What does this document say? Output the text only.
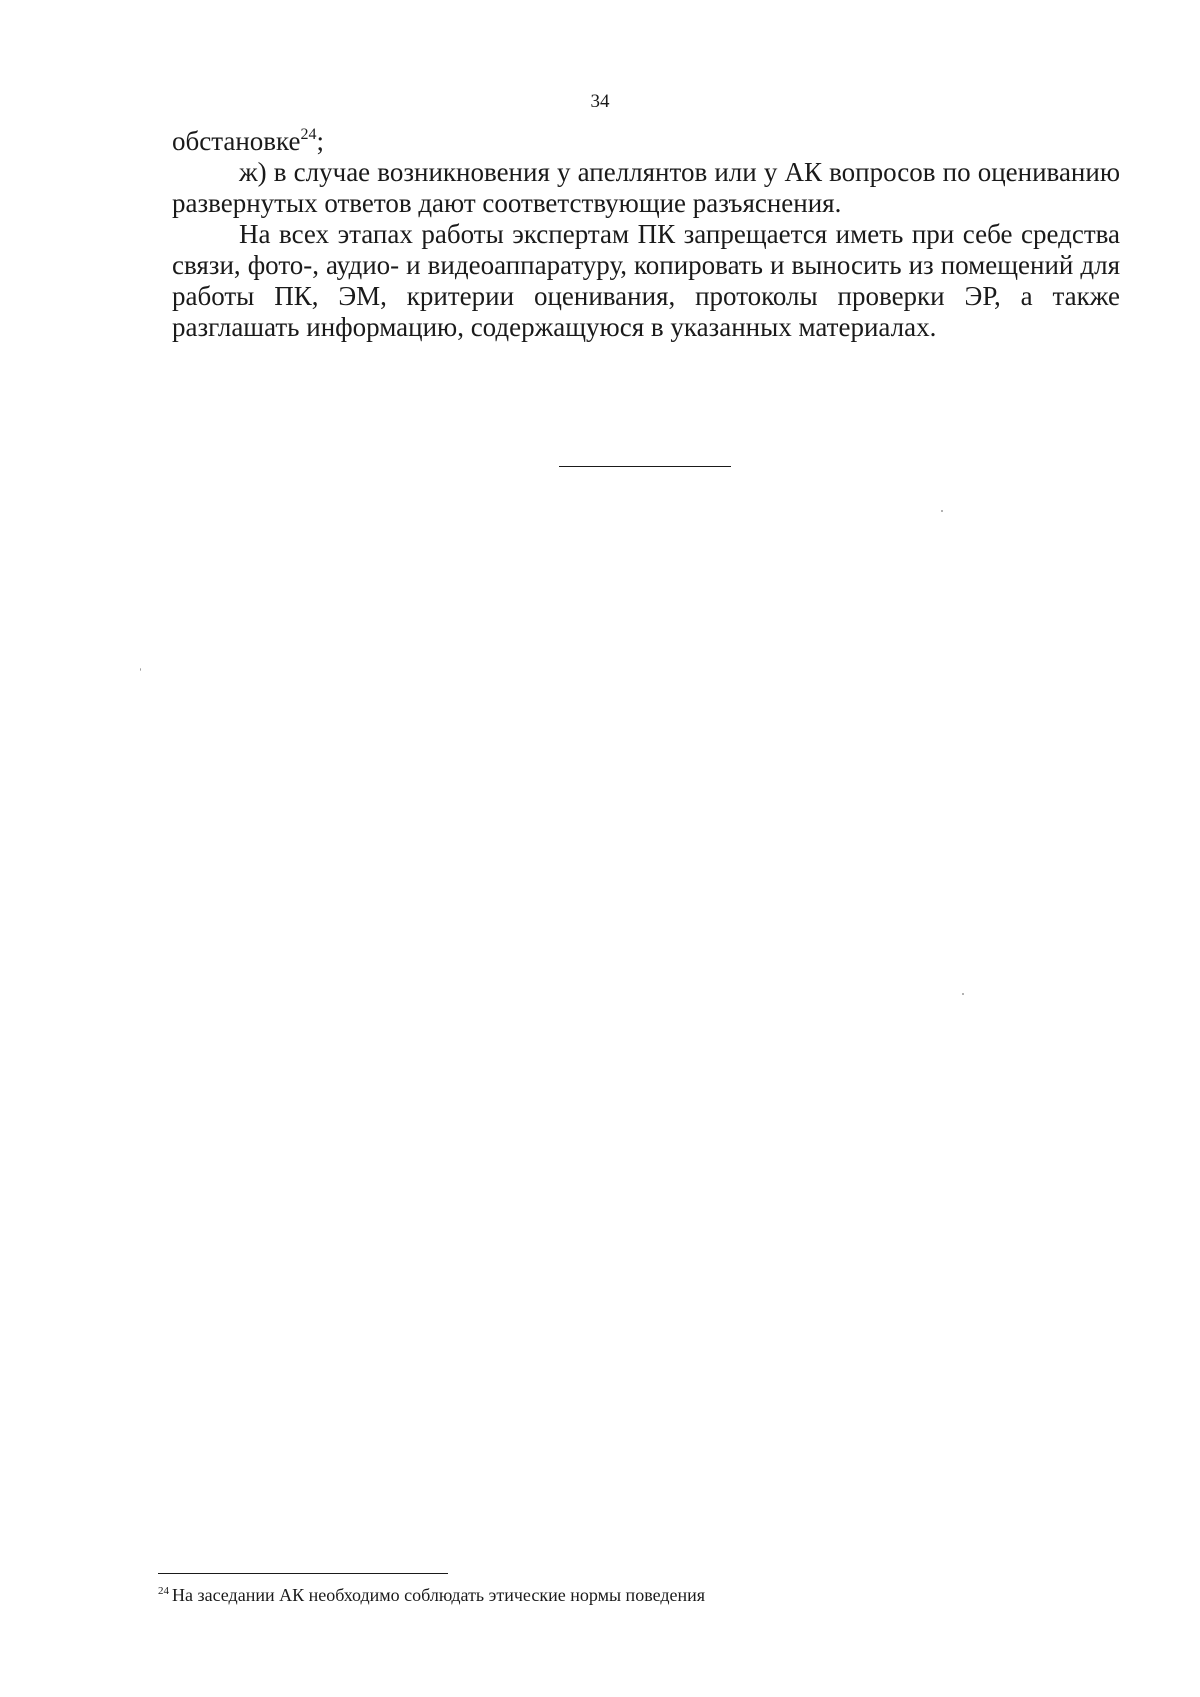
34

обстановке$^{24}$;

ж) в случае возникновения у апеллянтов или у АК вопросов по оцениванию развернутых ответов дают соответствующие разъяснения.

На всех этапах работы экспертам ПК запрещается иметь при себе средства связи, фото-, аудио- и видеоаппаратуру, копировать и выносить из помещений для работы ПК, ЭМ, критерии оценивания, протоколы проверки ЭР, а также разглашать информацию, содержащуюся в указанных материалах.

$^{24}$ На заседании АК необходимо соблюдать этические нормы поведения
